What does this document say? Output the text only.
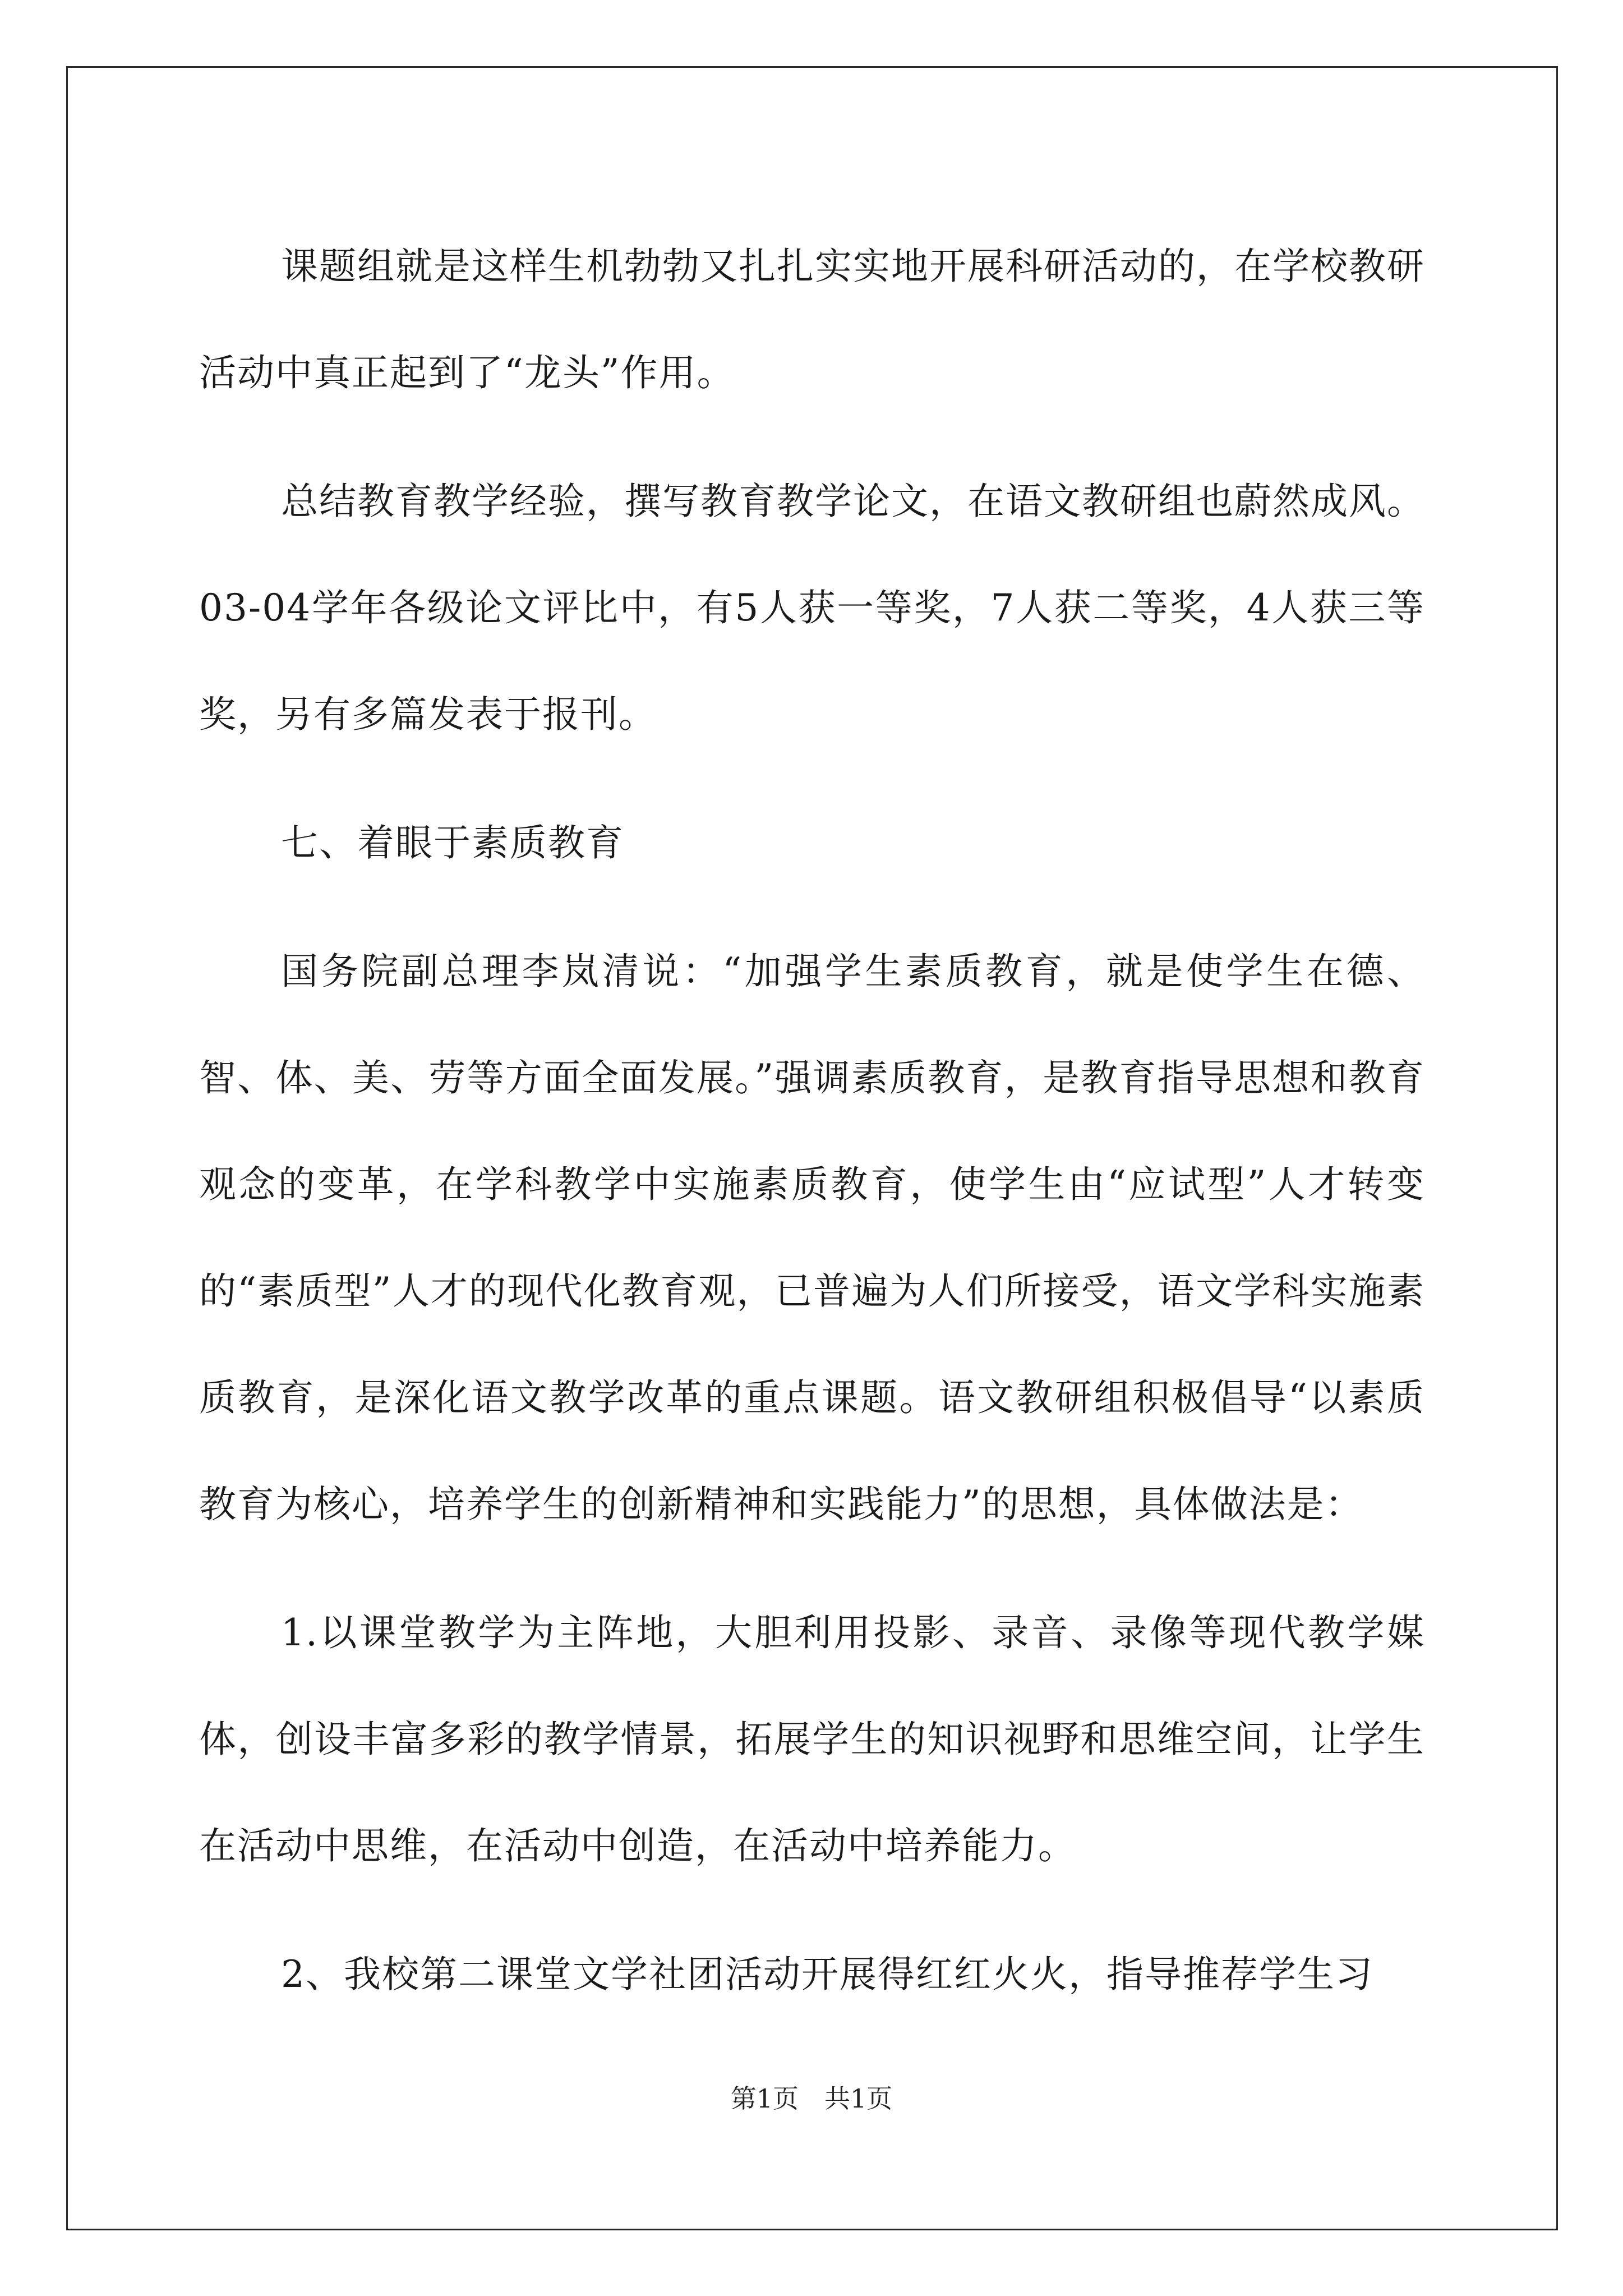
课题组就是这样生机勃勃又扎扎实实地开展科研活动的，在学校教研活动中真正起到了“龙头”作用。

总结教育教学经验，撰写教育教学论文，在语文教研组也蔚然成风。03-04学年各级论文评比中，有5人获一等奖，7人获二等奖，4人获三等奖，另有多篇发表于报刊。

七、着眼于素质教育

国务院副总理李岚清说：“加强学生素质教育，就是使学生在德、智、体、美、劳等方面全面发展。”强调素质教育，是教育指导思想和教育观念的变革，在学科教学中实施素质教育，使学生由“应试型”人才转变的“素质型”人才的现代化教育观，已普遍为人们所接受，语文学科实施素质教育，是深化语文教学改革的重点课题。语文教研组积极倡导“以素质教育为核心，培养学生的创新精神和实践能力”的思想，具体做法是：

1.以课堂教学为主阵地，大胆利用投影、录音、录像等现代教学媒体，创设丰富多彩的教学情景，拓展学生的知识视野和思维空间，让学生在活动中思维，在活动中创造，在活动中培养能力。

2、我校第二课堂文学社团活动开展得红红火火，指导推荐学生习

第1页 共1页
